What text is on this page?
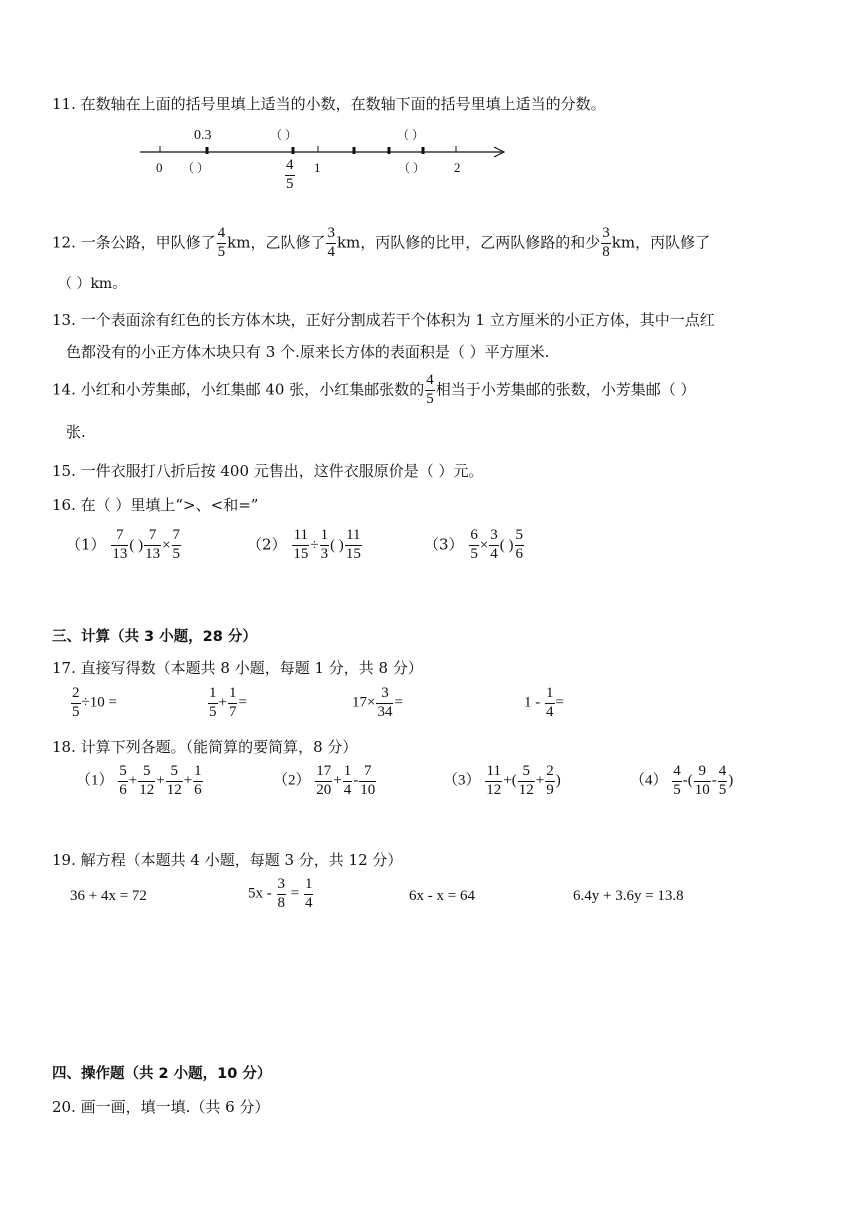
11. 在数轴在上面的括号里填上适当的小数，在数轴下面的括号里填上适当的分数。
0.3	（ ）	（ ）
0 （ ）	$\frac{4}{5} 1$	（ ） 2
12. 一条公路，甲队修了 $\frac{4}{5}$ km，乙队修了 $\frac{3}{4}$ km，丙队修的比甲，乙两队修路的和少 $\frac{3}{8}$ km，丙队修了
（ ）km。
13. 一个表面涂有红色的长方体木块，正好分割成若干个体积为 1 立方厘米的小正方体，其中一点红
色都没有的小正方体木块只有 3 个.原来长方体的表面积是（ ）平方厘米.
14. 小红和小芳集邮，小红集邮 40 张，小红集邮张数的 $\frac{4}{5}$ 相当于小芳集邮的张数，小芳集邮（ ）
张.
15. 一件衣服打八折后按 400 元售出，这件衣服原价是（ ）元。
16. 在（ ）里填上“>、<和=”
$(1) \frac{7}{13}$ ( ) $\frac{7}{13} \times \frac{7}{5}$	$(2) \frac{11}{15} \div \frac{1}{3}$ ( ) $\frac{11}{15}$	$(3) \frac{6}{5} \times \frac{3}{4}$ ( ) $\frac{5}{6}$
三、计算（共 3 小题，28 分）
17. 直接写得数（本题共 8 小题，每题 1 分，共 8 分）
$\frac{2}{5} \div 10$ =	$\frac{1}{5} + \frac{1}{7}$ =	$17\times \frac{3}{34}$ =	$1 - \frac{1}{4}$ =
18. 计算下列各题。（能简算的要简算，8 分）
$(1) \frac{5}{6} + \frac{5}{12} + \frac{5}{12} + \frac{1}{6}$	$(2) \frac{17}{20} + \frac{1}{4} - \frac{7}{10}$	$(3) \frac{11}{12}$ +( $\frac{5}{12} + \frac{2}{9}$ )	$(4) \frac{4}{5}$ -( $\frac{9}{10} - \frac{4}{5}$ )
19. 解方程（本题共 4 小题，每题 3 分，共 12 分）
36 + 4x = 72	$5x - \frac{3}{8} = \frac{1}{4}$	6x - x = 64	6.4y + 3.6y = 13.8
四、操作题（共 2 小题，10 分）
20. 画一画，填一填.（共 6 分）
